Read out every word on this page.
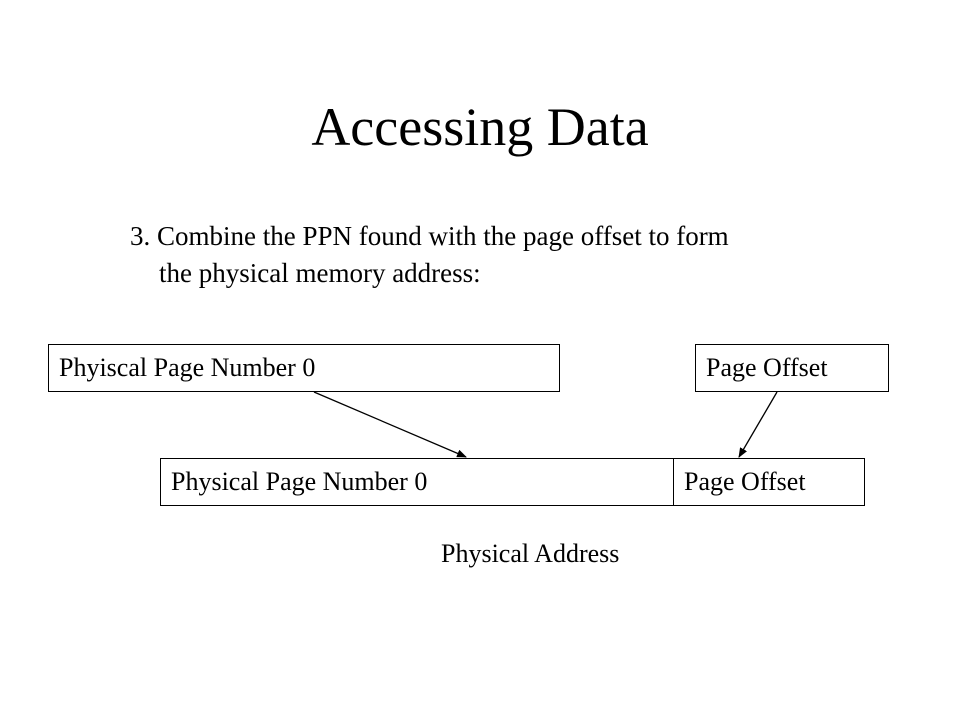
Accessing Data
3. Combine the PPN found with the page offset to form
the physical memory address:
Phyiscal Page Number 0	Page Offset
Physical Page Number 0	Page Offset
Physical Address
